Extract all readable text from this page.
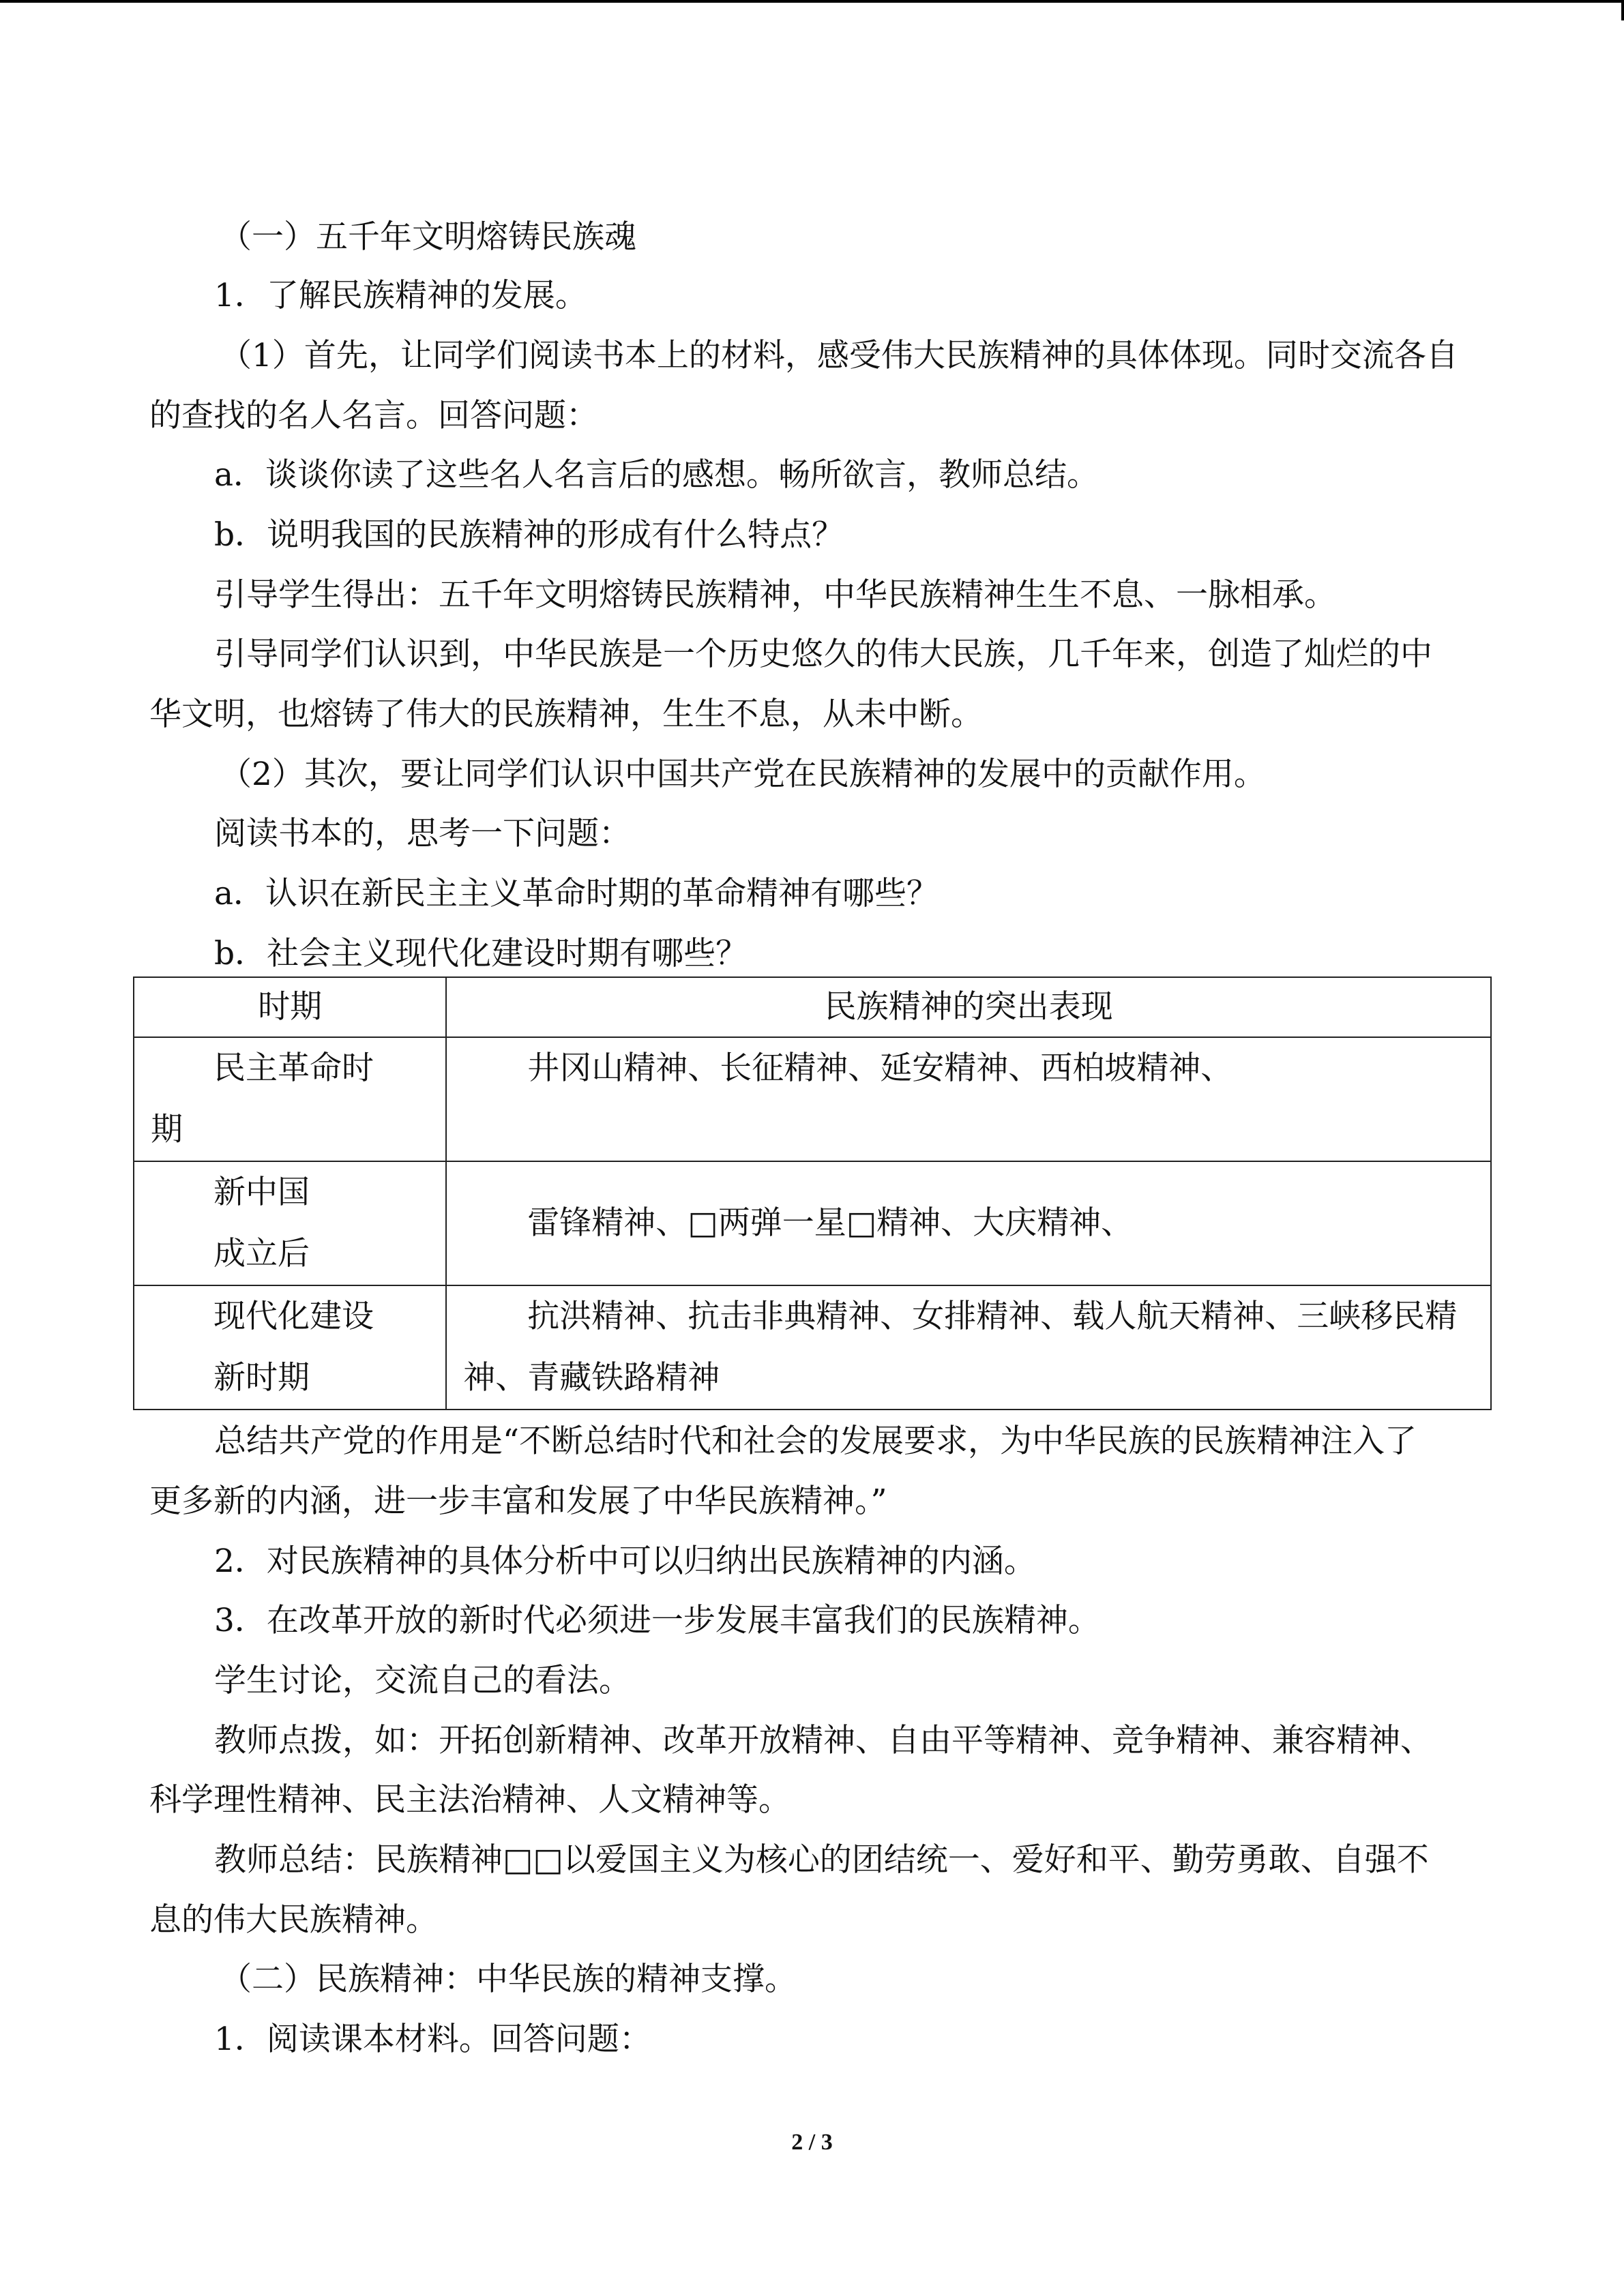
（一）五千年文明熔铸民族魂
1．了解民族精神的发展。
（1）首先，让同学们阅读书本上的材料，感受伟大民族精神的具体体现。同时交流各自
的查找的名人名言。回答问题：
a．谈谈你读了这些名人名言后的感想。畅所欲言，教师总结。
b．说明我国的民族精神的形成有什么特点？
引导学生得出：五千年文明熔铸民族精神，中华民族精神生生不息、一脉相承。
引导同学们认识到，中华民族是一个历史悠久的伟大民族，几千年来，创造了灿烂的中
华文明，也熔铸了伟大的民族精神，生生不息，从未中断。
（2）其次，要让同学们认识中国共产党在民族精神的发展中的贡献作用。
阅读书本的，思考一下问题：
a．认识在新民主主义革命时期的革命精神有哪些？
b．社会主义现代化建设时期有哪些？
时期	民族精神的突出表现
民主革命时
期	井冈山精神、长征精神、延安精神、西柏坡精神、
新中国
成立后	雷锋精神、□两弹一星□精神、大庆精神、
现代化建设
新时期	抗洪精神、抗击非典精神、女排精神、载人航天精神、三峡移民精
神、青藏铁路精神
总结共产党的作用是“不断总结时代和社会的发展要求，为中华民族的民族精神注入了
更多新的内涵，进一步丰富和发展了中华民族精神。”
2．对民族精神的具体分析中可以归纳出民族精神的内涵。
3．在改革开放的新时代必须进一步发展丰富我们的民族精神。
学生讨论，交流自己的看法。
教师点拨，如：开拓创新精神、改革开放精神、自由平等精神、竞争精神、兼容精神、
科学理性精神、民主法治精神、人文精神等。
教师总结：民族精神□□以爱国主义为核心的团结统一、爱好和平、勤劳勇敢、自强不
息的伟大民族精神。
（二）民族精神：中华民族的精神支撑。
1．阅读课本材料。回答问题：
2 / 3
